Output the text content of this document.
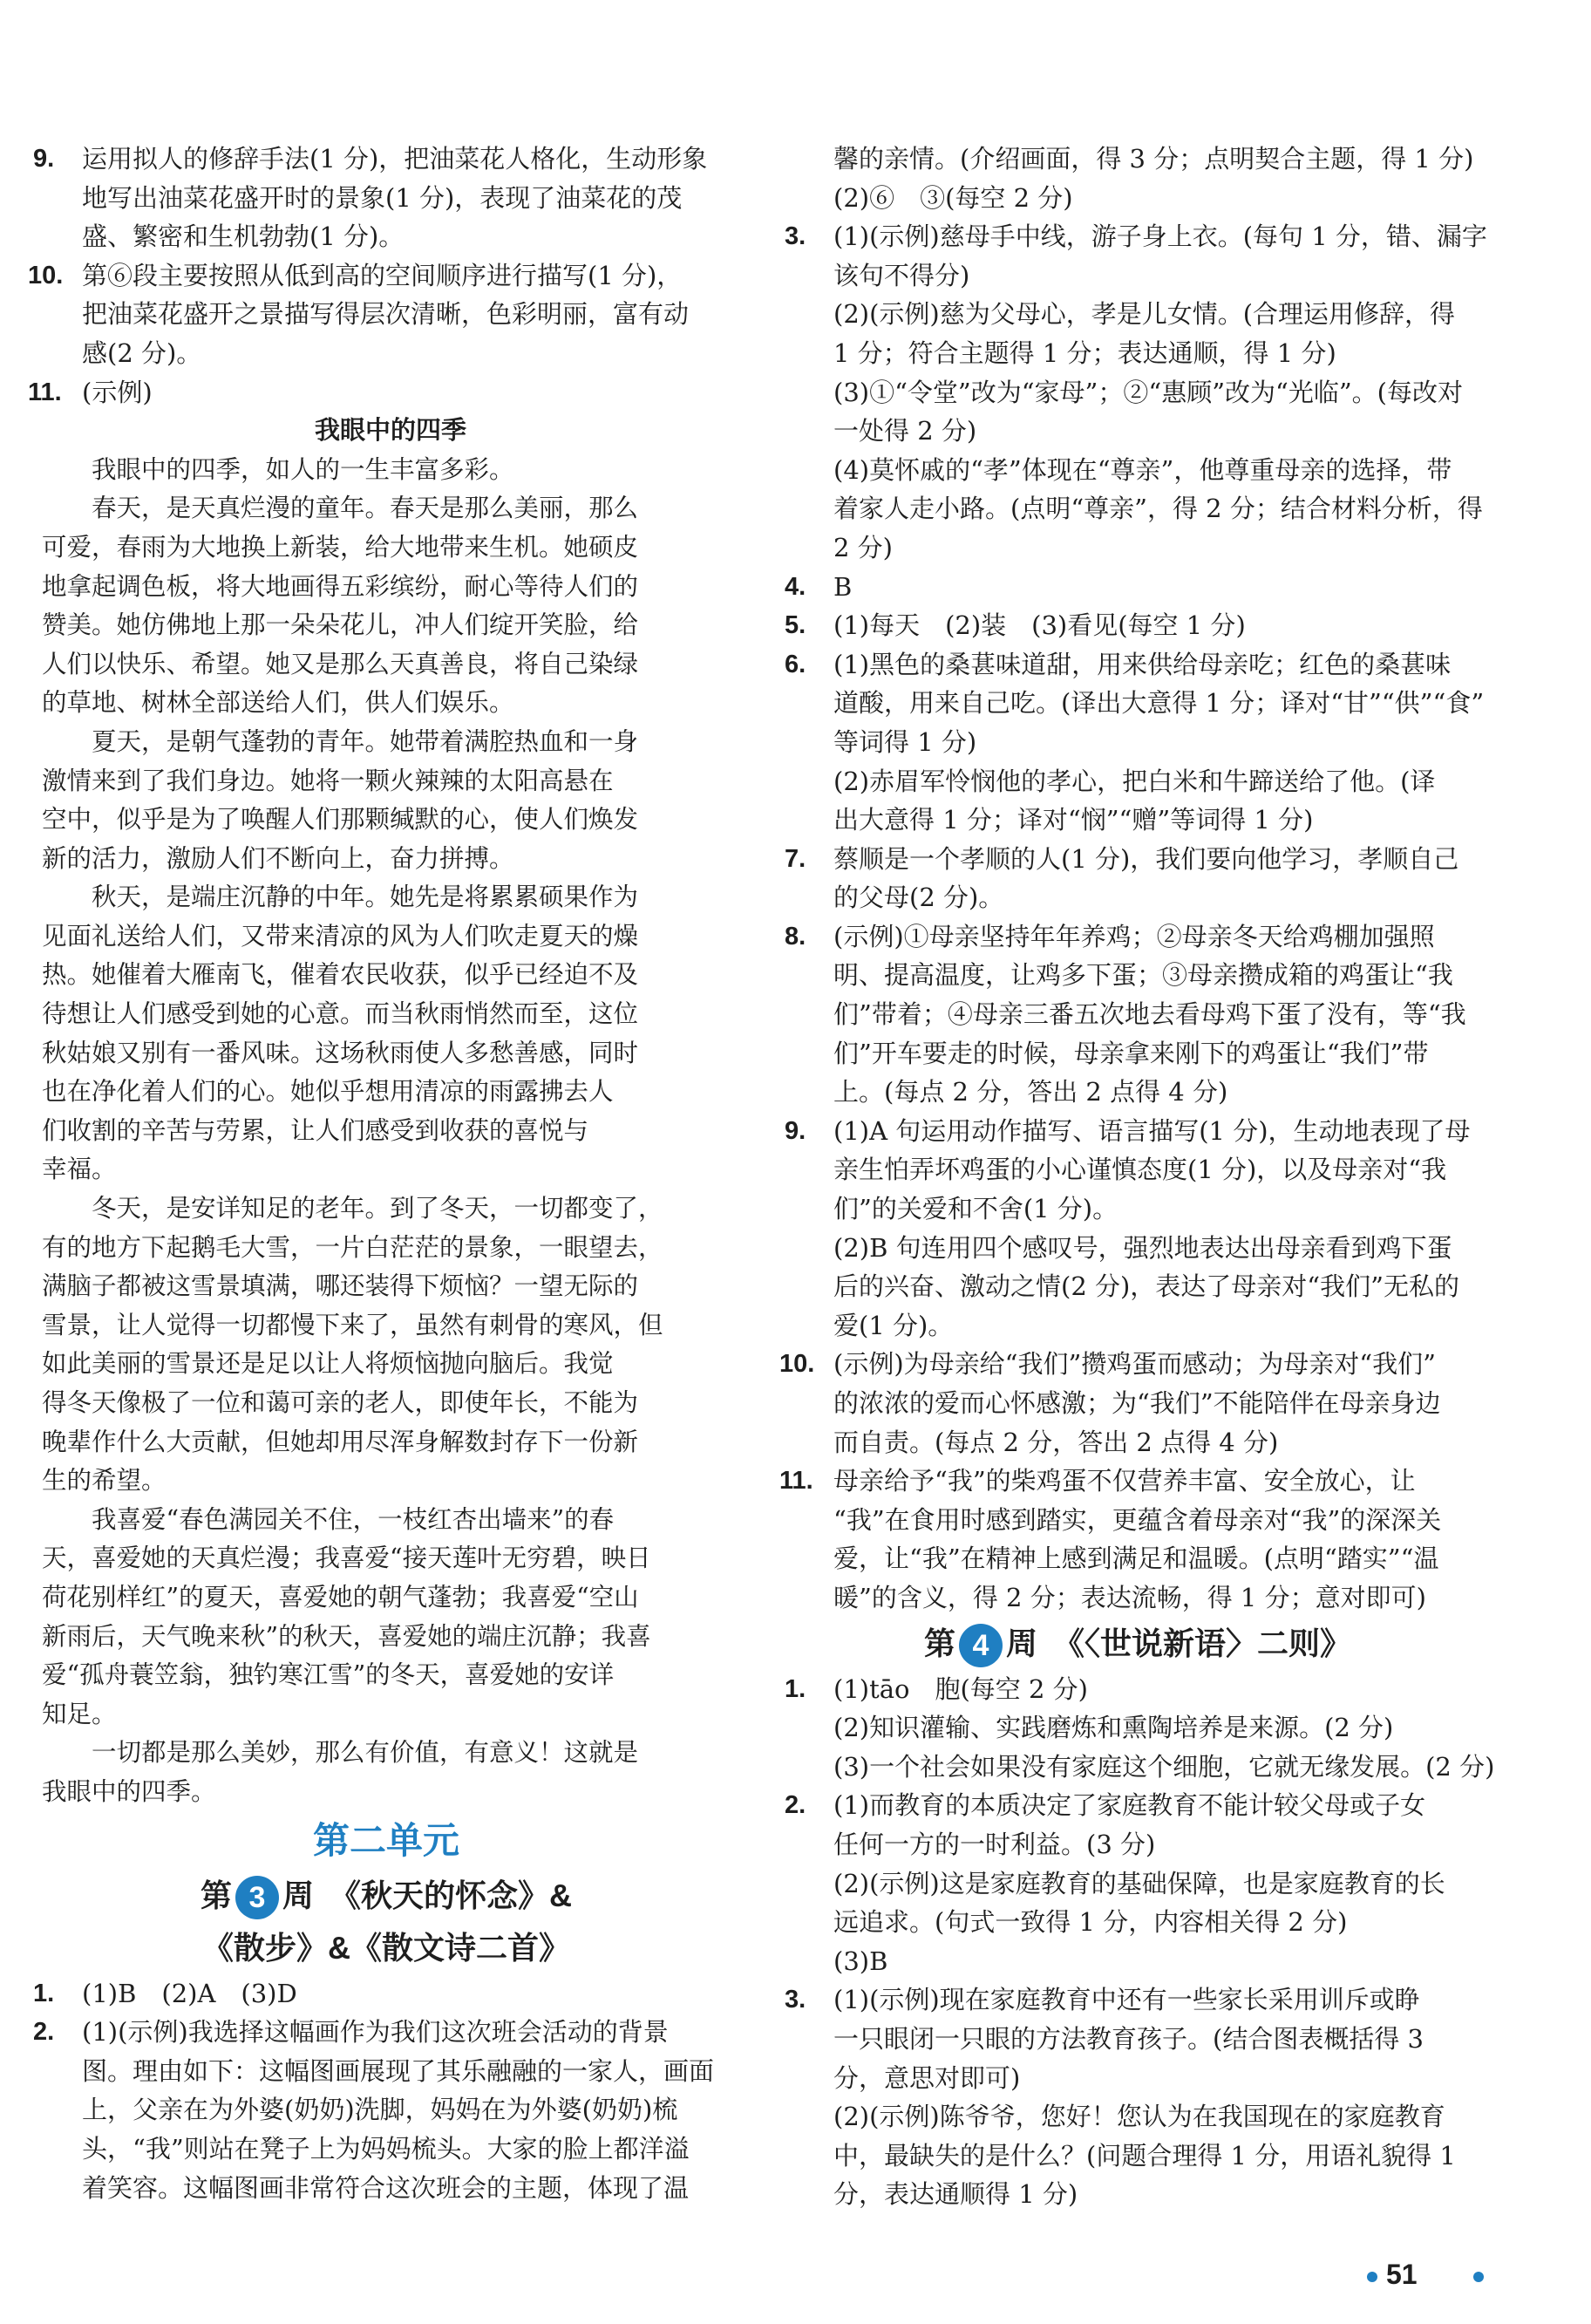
9. 运用拟人的修辞手法(1 分)，把油菜花人格化，生动形象
地写出油菜花盛开时的景象(1 分)，表现了油菜花的茂
盛、繁密和生机勃勃(1 分)。
10. 第⑥段主要按照从低到高的空间顺序进行描写(1 分)，
把油菜花盛开之景描写得层次清晰，色彩明丽，富有动
感(2 分)。
11. (示例)

我眼中的四季

　　我眼中的四季，如人的一生丰富多彩。
　　春天，是天真烂漫的童年。春天是那么美丽，那么
可爱，春雨为大地换上新装，给大地带来生机。她硕皮
地拿起调色板，将大地画得五彩缤纷，耐心等待人们的
赞美。她仿佛地上那一朵朵花儿，冲人们绽开笑脸，给
人们以快乐、希望。她又是那么天真善良，将自己染绿
的草地、树林全部送给人们，供人们娱乐。
　　夏天，是朝气蓬勃的青年。她带着满腔热血和一身
激情来到了我们身边。她将一颗火辣辣的太阳高悬在
空中，似乎是为了唤醒人们那颗缄默的心，使人们焕发
新的活力，激励人们不断向上，奋力拼搏。
　　秋天，是端庄沉静的中年。她先是将累累硕果作为
见面礼送给人们，又带来清凉的风为人们吹走夏天的燥
热。她催着大雁南飞，催着农民收获，似乎已经迫不及
待想让人们感受到她的心意。而当秋雨悄然而至，这位
秋姑娘又别有一番风味。这场秋雨使人多愁善感，同时
也在净化着人们的心。她似乎想用清凉的雨露拂去人
们收割的辛苦与劳累，让人们感受到收获的喜悦与
幸福。
　　冬天，是安详知足的老年。到了冬天，一切都变了，
有的地方下起鹅毛大雪，一片白茫茫的景象，一眼望去，
满脑子都被这雪景填满，哪还装得下烦恼？一望无际的
雪景，让人觉得一切都慢下来了，虽然有刺骨的寒风，但
如此美丽的雪景还是足以让人将烦恼抛向脑后。我觉
得冬天像极了一位和蔼可亲的老人，即使年长，不能为
晚辈作什么大贡献，但她却用尽浑身解数封存下一份新
生的希望。
　　我喜爱“春色满园关不住，一枝红杏出墙来”的春
天，喜爱她的天真烂漫；我喜爱“接天莲叶无穷碧，映日
荷花别样红”的夏天，喜爱她的朝气蓬勃；我喜爱“空山
新雨后，天气晚来秋”的秋天，喜爱她的端庄沉静；我喜
爱“孤舟蓑笠翁，独钓寒江雪”的冬天，喜爱她的安详
知足。
　　一切都是那么美妙，那么有价值，有意义！这就是
我眼中的四季。

第二单元

第 3 周　《秋天的怀念》&

《散步》&《散文诗二首》

1. (1)B　(2)A　(3)D
2. (1)(示例)我选择这幅画作为我们这次班会活动的背景
图。理由如下：这幅图画展现了其乐融融的一家人，画面
上，父亲在为外婆(奶奶)洗脚，妈妈在为外婆(奶奶)梳
头，“我”则站在凳子上为妈妈梳头。大家的脸上都洋溢
着笑容。这幅图画非常符合这次班会的主题，体现了温
馨的亲情。(介绍画面，得 3 分；点明契合主题，得 1 分)
(2)⑥　③(每空 2 分)
3. (1)(示例)慈母手中线，游子身上衣。(每句 1 分，错、漏字
该句不得分)
(2)(示例)慈为父母心，孝是儿女情。(合理运用修辞，得
1 分；符合主题得 1 分；表达通顺，得 1 分)
(3)①“令堂”改为“家母”；②“惠顾”改为“光临”。(每改对
一处得 2 分)
(4)莫怀戚的“孝”体现在“尊亲”，他尊重母亲的选择，带
着家人走小路。(点明“尊亲”，得 2 分；结合材料分析，得
2 分)
4. B
5. (1)每天　(2)装　(3)看见(每空 1 分)
6. (1)黑色的桑葚味道甜，用来供给母亲吃；红色的桑葚味
道酸，用来自己吃。(译出大意得 1 分；译对“甘”“供”“食”
等词得 1 分)
(2)赤眉军怜悯他的孝心，把白米和牛蹄送给了他。(译
出大意得 1 分；译对“悯”“赠”等词得 1 分)
7. 蔡顺是一个孝顺的人(1 分)，我们要向他学习，孝顺自己
的父母(2 分)。
8. (示例)①母亲坚持年年养鸡；②母亲冬天给鸡棚加强照
明、提高温度，让鸡多下蛋；③母亲攒成箱的鸡蛋让“我
们”带着；④母亲三番五次地去看母鸡下蛋了没有，等“我
们”开车要走的时候，母亲拿来刚下的鸡蛋让“我们”带
上。(每点 2 分，答出 2 点得 4 分)
9. (1)A 句运用动作描写、语言描写(1 分)，生动地表现了母
亲生怕弄坏鸡蛋的小心谨慎态度(1 分)，以及母亲对“我
们”的关爱和不舍(1 分)。
(2)B 句连用四个感叹号，强烈地表达出母亲看到鸡下蛋
后的兴奋、激动之情(2 分)，表达了母亲对“我们”无私的
爱(1 分)。
10. (示例)为母亲给“我们”攒鸡蛋而感动；为母亲对“我们”
的浓浓的爱而心怀感激；为“我们”不能陪伴在母亲身边
而自责。(每点 2 分，答出 2 点得 4 分)
11. 母亲给予“我”的柴鸡蛋不仅营养丰富、安全放心，让
“我”在食用时感到踏实，更蕴含着母亲对“我”的深深关
爱，让“我”在精神上感到满足和温暖。(点明“踏实”“温
暖”的含义，得 2 分；表达流畅，得 1 分；意对即可)

第 4 周　《〈世说新语〉二则》

1. (1)tāo　胞(每空 2 分)
(2)知识灌输、实践磨炼和熏陶培养是来源。(2 分)
(3)一个社会如果没有家庭这个细胞，它就无缘发展。(2 分)
2. (1)而教育的本质决定了家庭教育不能计较父母或子女
任何一方的一时利益。(3 分)
(2)(示例)这是家庭教育的基础保障，也是家庭教育的长
远追求。(句式一致得 1 分，内容相关得 2 分)
(3)B
3. (1)(示例)现在家庭教育中还有一些家长采用训斥或睁
一只眼闭一只眼的方法教育孩子。(结合图表概括得 3
分，意思对即可)
(2)(示例)陈爷爷，您好！您认为在我国现在的家庭教育
中，最缺失的是什么？(问题合理得 1 分，用语礼貌得 1
分，表达通顺得 1 分)
51
